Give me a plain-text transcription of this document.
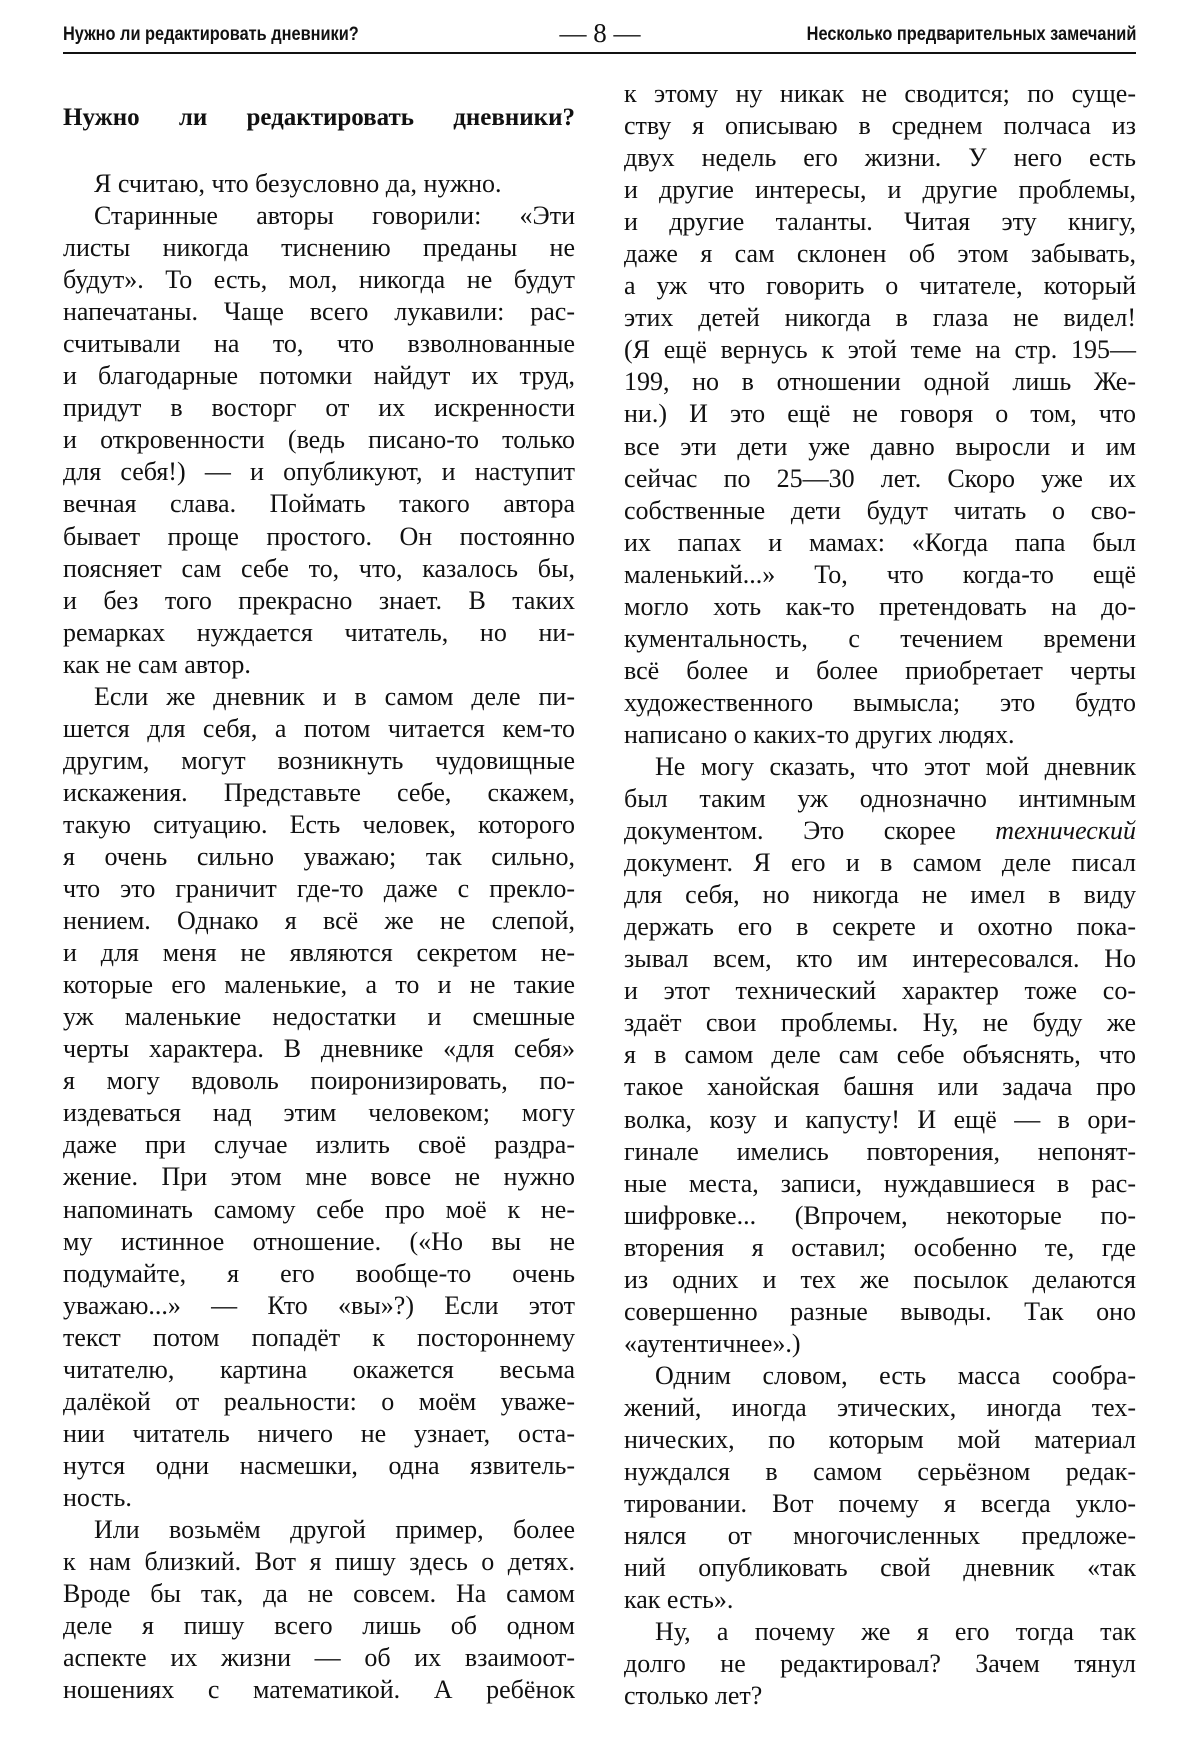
Нужно ли редактировать дневники?	— 8 —	Несколько предварительных замечаний
Нужно ли редактировать дневники?
Я считаю, что безусловно да, нужно.
Старинные авторы говорили: «Эти
листы никогда тиснению преданы не
будут». То есть, мол, никогда не будут
напечатаны. Чаще всего лукавили: рас-
считывали на то, что взволнованные
и благодарные потомки найдут их труд,
придут в восторг от их искренности
и откровенности (ведь писано-то только
для себя!) — и опубликуют, и наступит
вечная слава. Поймать такого автора
бывает проще простого. Он постоянно
поясняет сам себе то, что, казалось бы,
и без того прекрасно знает. В таких
ремарках нуждается читатель, но ни-
как не сам автор.
Если же дневник и в самом деле пи-
шется для себя, а потом читается кем-то
другим, могут возникнуть чудовищные
искажения. Представьте себе, скажем,
такую ситуацию. Есть человек, которого
я очень сильно уважаю; так сильно,
что это граничит где-то даже с прекло-
нением. Однако я всё же не слепой,
и для меня не являются секретом не-
которые его маленькие, а то и не такие
уж маленькие недостатки и смешные
черты характера. В дневнике «для себя»
я могу вдоволь поиронизировать, по-
издеваться над этим человеком; могу
даже при случае излить своё раздра-
жение. При этом мне вовсе не нужно
напоминать самому себе про моё к не-
му истинное отношение. («Но вы не
подумайте, я его вообще-то очень
уважаю...» — Кто «вы»?) Если этот
текст потом попадёт к постороннему
читателю, картина окажется весьма
далёкой от реальности: о моём уваже-
нии читатель ничего не узнает, оста-
нутся одни насмешки, одна язвитель-
ность.
Или возьмём другой пример, более
к нам близкий. Вот я пишу здесь о детях.
Вроде бы так, да не совсем. На самом
деле я пишу всего лишь об одном
аспекте их жизни — об их взаимоот-
ношениях с математикой. А ребёнок
к этому ну никак не сводится; по суще-
ству я описываю в среднем полчаса из
двух недель его жизни. У него есть
и другие интересы, и другие проблемы,
и другие таланты. Читая эту книгу,
даже я сам склонен об этом забывать,
а уж что говорить о читателе, который
этих детей никогда в глаза не видел!
(Я ещё вернусь к этой теме на стр. 195—
199, но в отношении одной лишь Же-
ни.) И это ещё не говоря о том, что
все эти дети уже давно выросли и им
сейчас по 25—30 лет. Скоро уже их
собственные дети будут читать о сво-
их папах и мамах: «Когда папа был
маленький...» То, что когда-то ещё
могло хоть как-то претендовать на до-
кументальность, с течением времени
всё более и более приобретает черты
художественного вымысла; это будто
написано о каких-то других людях.
Не могу сказать, что этот мой дневник
был таким уж однозначно интимным
документом. Это скорее технический
документ. Я его и в самом деле писал
для себя, но никогда не имел в виду
держать его в секрете и охотно пока-
зывал всем, кто им интересовался. Но
и этот технический характер тоже со-
здаёт свои проблемы. Ну, не буду же
я в самом деле сам себе объяснять, что
такое ханойская башня или задача про
волка, козу и капусту! И ещё — в ори-
гинале имелись повторения, непонят-
ные места, записи, нуждавшиеся в рас-
шифровке... (Впрочем, некоторые по-
вторения я оставил; особенно те, где
из одних и тех же посылок делаются
совершенно разные выводы. Так оно
«аутентичнее».)
Одним словом, есть масса сообра-
жений, иногда этических, иногда тех-
нических, по которым мой материал
нуждался в самом серьёзном редак-
тировании. Вот почему я всегда укло-
нялся от многочисленных предложе-
ний опубликовать свой дневник «так
как есть».
Ну, а почему же я его тогда так
долго не редактировал? Зачем тянул
столько лет?
